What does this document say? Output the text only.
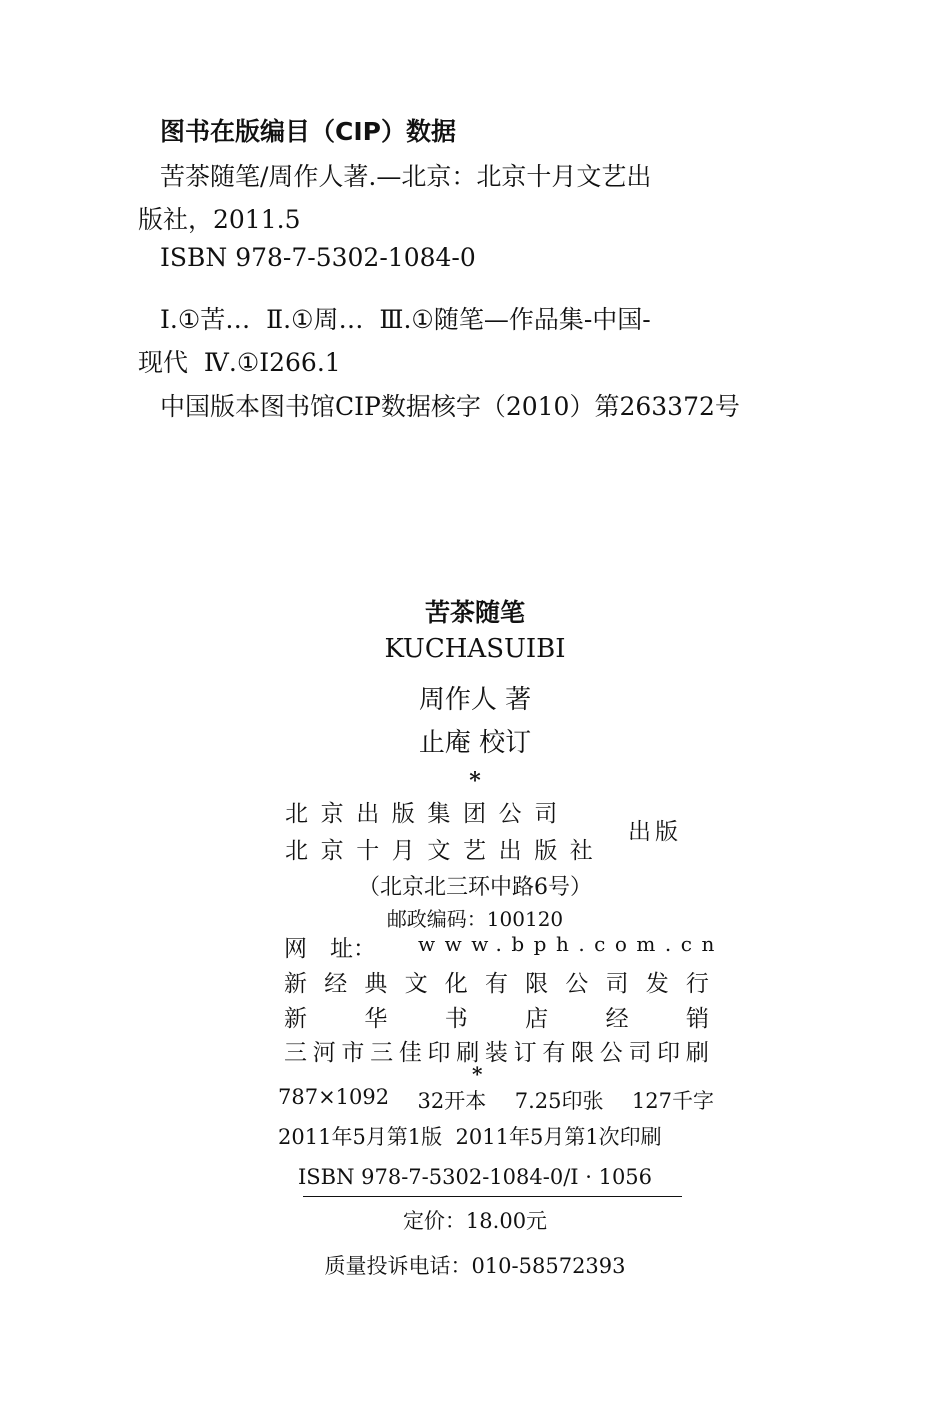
图书在版编目（CIP）数据
苦茶随笔/周作人著.—北京：北京十月文艺出
版社，2011.5
ISBN 978-7-5302-1084-0
Ⅰ.①苦…  Ⅱ.①周…  Ⅲ.①随笔—作品集-中国-
现代  Ⅳ.①I266.1
中国版本图书馆CIP数据核字（2010）第263372号
苦茶随笔
KUCHASUIBI
周作人 著
止庵 校订
*
北京出版集团公司
北京十月文艺出版社
出版
（北京北三环中路6号）
邮政编码：100120
网　址： www.bph.com.cn
新 经 典 文 化 有 限 公 司 发 行
新 华 书 店 经 销
三 河 市 三 佳 印 刷 装 订 有 限 公 司 印 刷
*
787×1092 32开本 7.25印张 127千字
2011年5月第1版  2011年5月第1次印刷
ISBN 978-7-5302-1084-0/I · 1056
定价：18.00元
质量投诉电话：010-58572393
